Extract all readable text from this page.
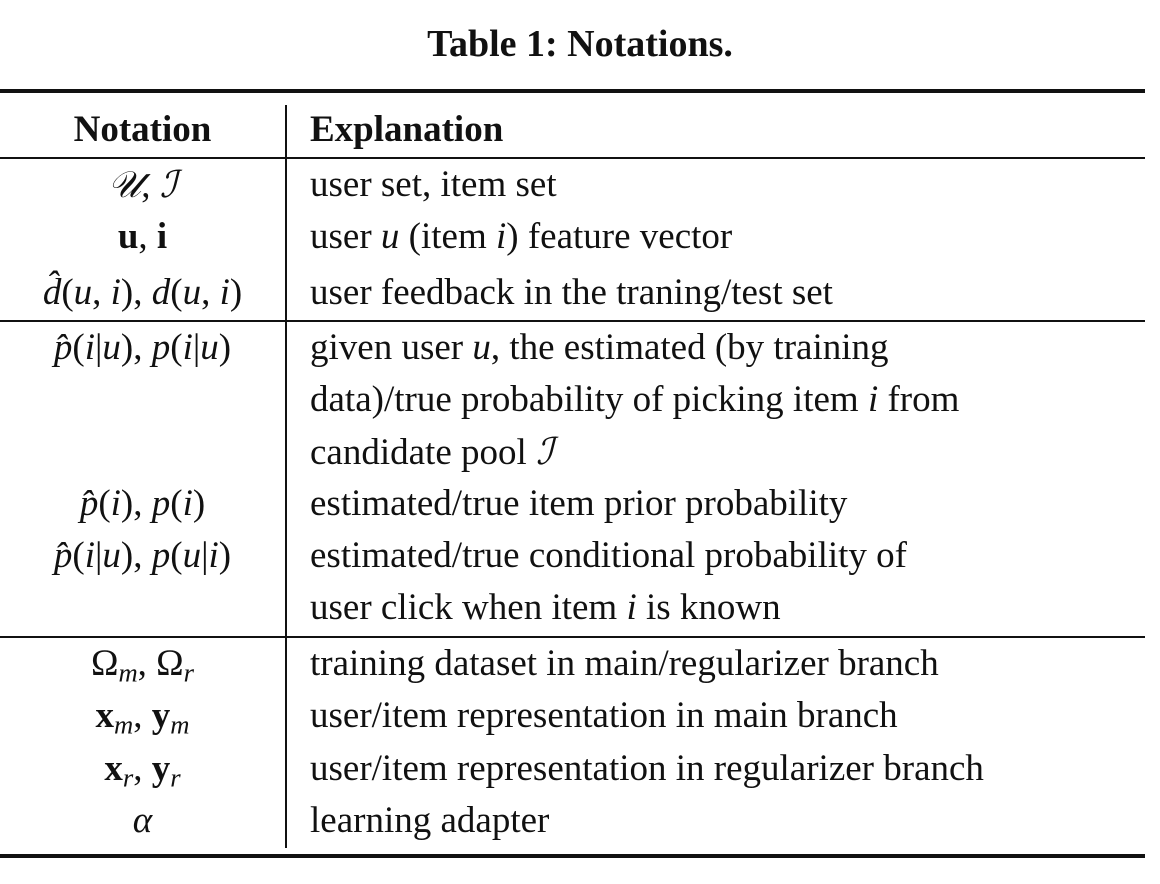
Table 1: Notations.
Notation	Explanation
𝒰, ℐ	user set, item set
u, i	user u (item i) feature vector
d̂(u, i), d(u, i)	user feedback in the traning/test set
p̂(i|u), p(i|u)	given user u, the estimated (by training
data)/true probability of picking item i from
candidate pool ℐ
p̂(i), p(i)	estimated/true item prior probability
p̂(i|u), p(u|i)	estimated/true conditional probability of
user click when item i is known
$\Omega_m$, $\Omega_r$	training dataset in main/regularizer branch
$x_m$, $y_m$	user/item representation in main branch
$x_r$, $y_r$	user/item representation in regularizer branch
α	learning adapter
